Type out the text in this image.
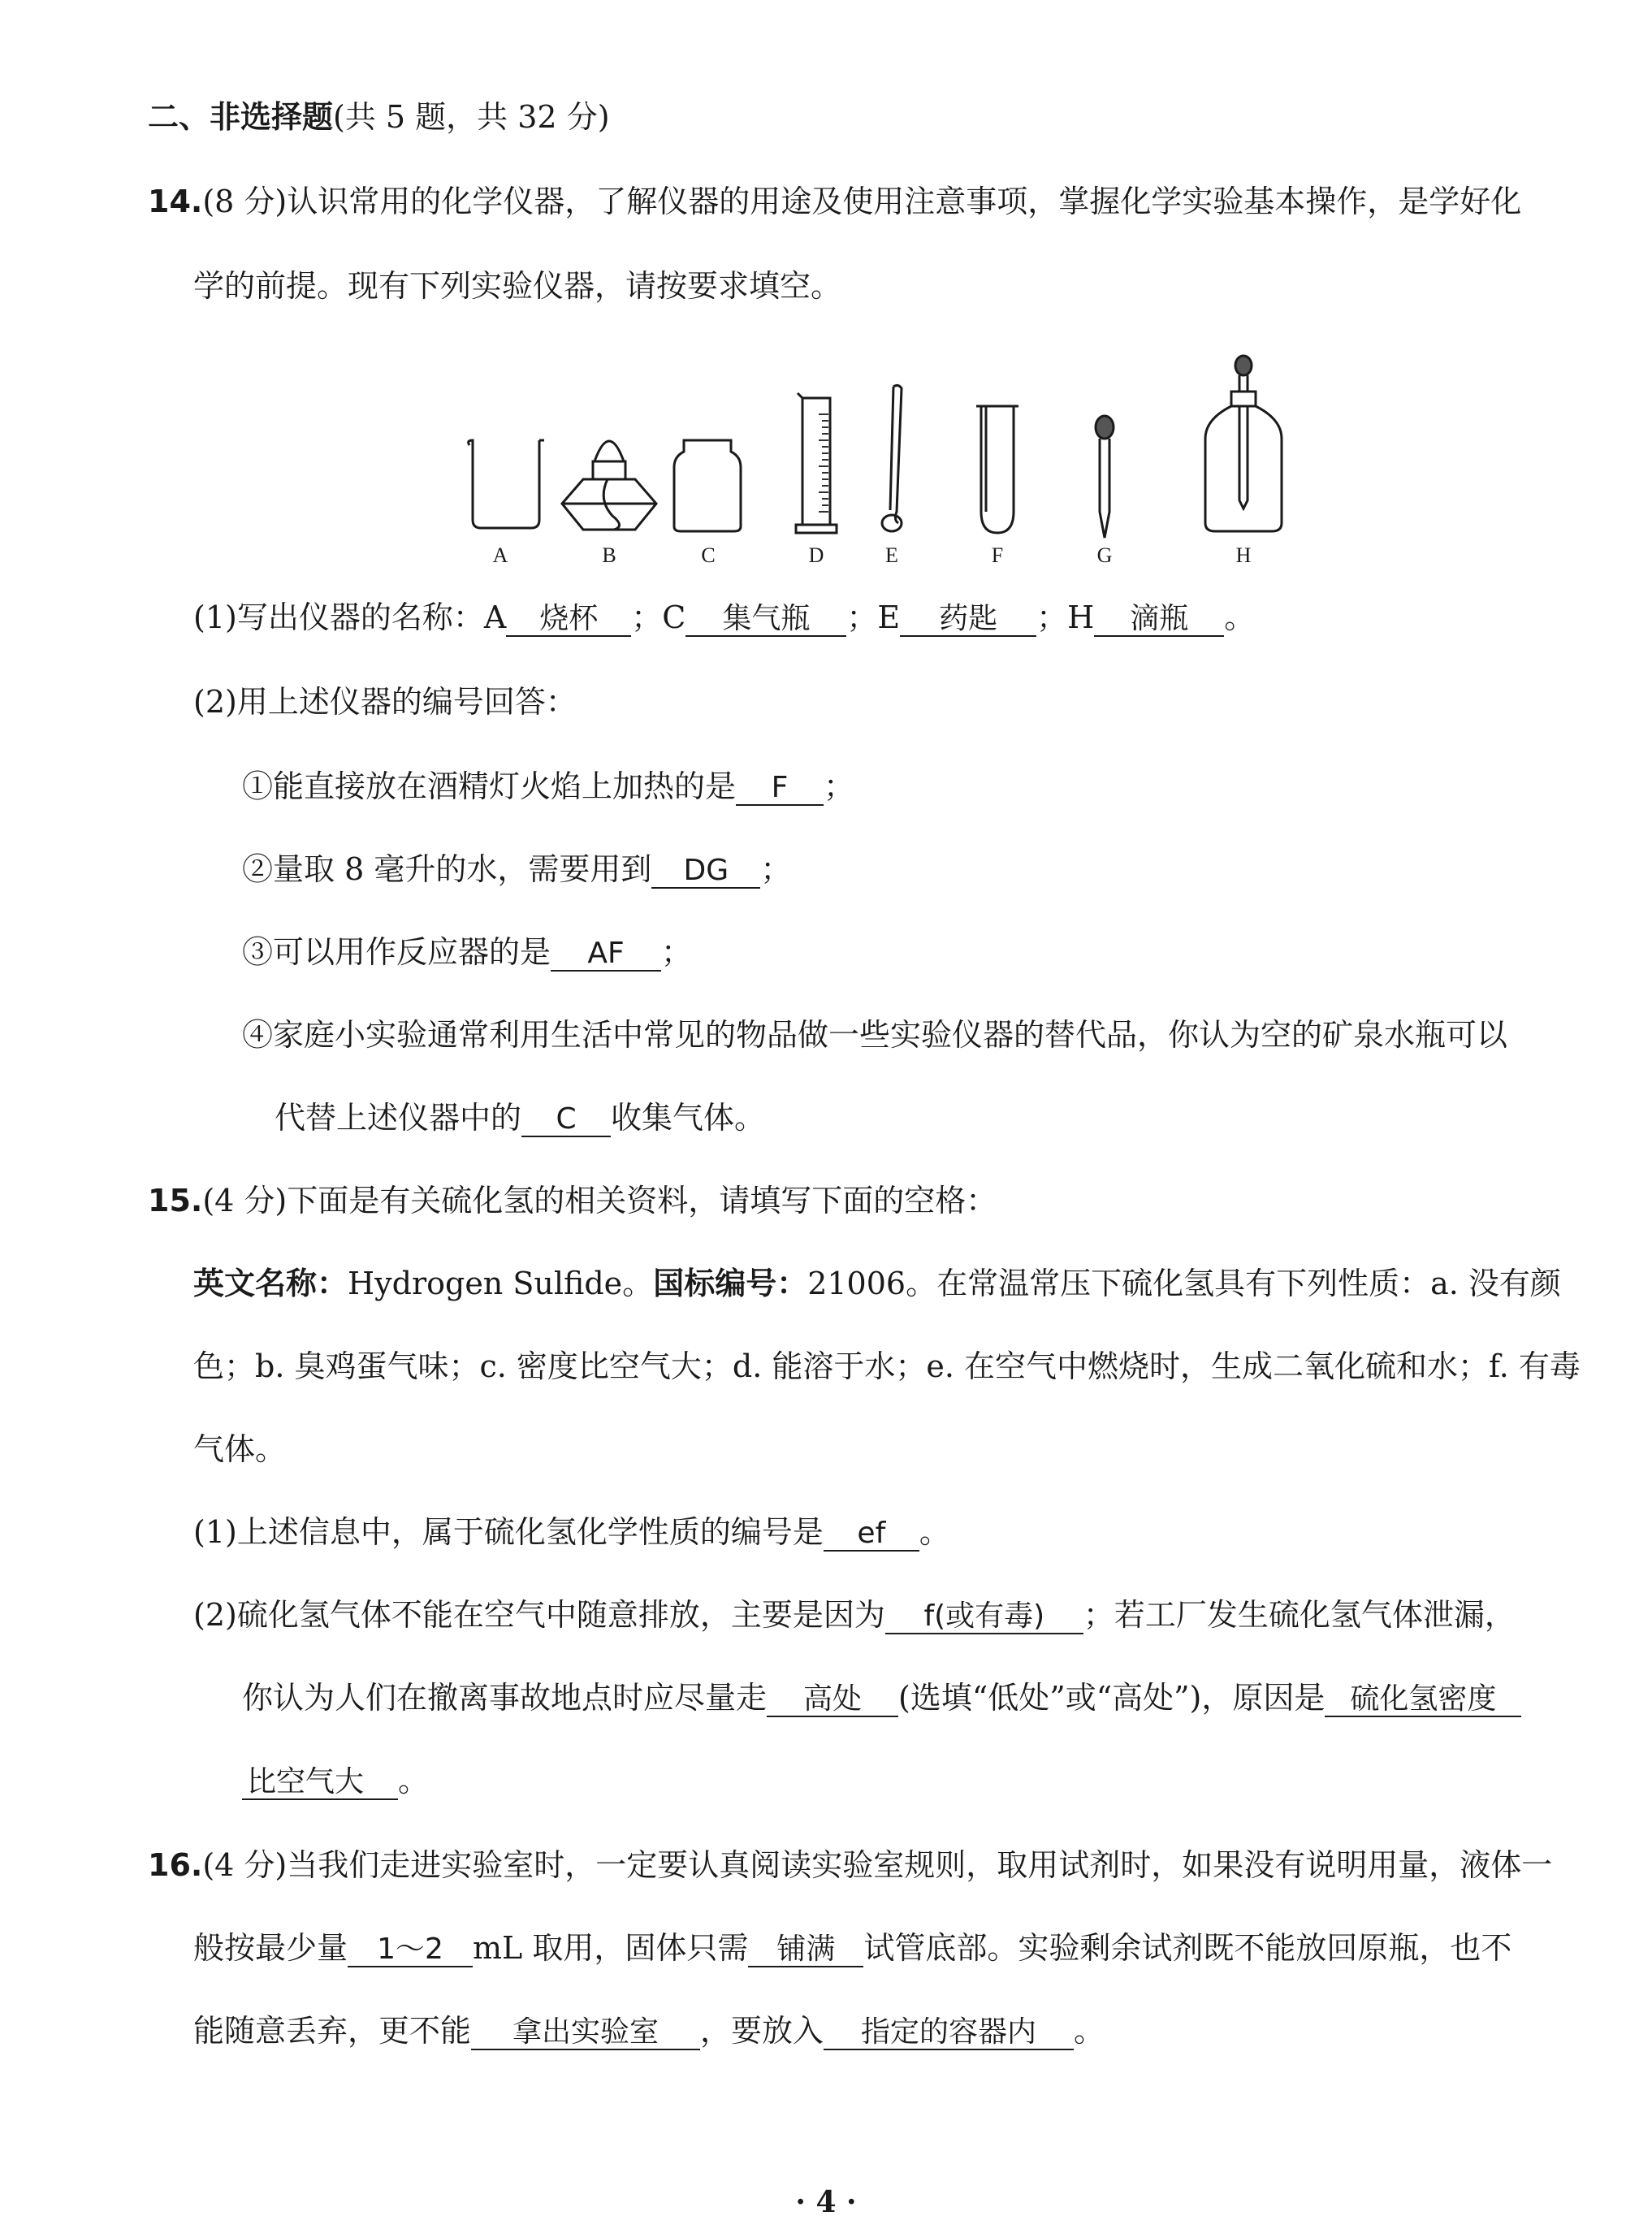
二、非选择题(共 5 题，共 32 分)
14.(8 分)认识常用的化学仪器，了解仪器的用途及使用注意事项，掌握化学实验基本操作，是学好化
学的前提。现有下列实验仪器，请按要求填空。
A	B	C	D	E	F	G	H
(1)写出仪器的名称：A 烧杯 ；C 集气瓶 ；E 药匙 ；H 滴瓶 。
(2)用上述仪器的编号回答：
①能直接放在酒精灯火焰上加热的是 F ；
②量取 8 毫升的水，需要用到 DG ；
③可以用作反应器的是 AF ；
④家庭小实验通常利用生活中常见的物品做一些实验仪器的替代品，你认为空的矿泉水瓶可以
代替上述仪器中的 C 收集气体。
15.(4 分)下面是有关硫化氢的相关资料，请填写下面的空格：
英文名称：Hydrogen Sulfide。国标编号：21006。在常温常压下硫化氢具有下列性质：a. 没有颜
色；b. 臭鸡蛋气味；c. 密度比空气大；d. 能溶于水；e. 在空气中燃烧时，生成二氧化硫和水；f. 有毒
气体。
(1)上述信息中，属于硫化氢化学性质的编号是 ef 。
(2)硫化氢气体不能在空气中随意排放，主要是因为 f(或有毒) ；若工厂发生硫化氢气体泄漏，
你认为人们在撤离事故地点时应尽量走 高处 (选填“低处”或“高处”)，原因是 硫化氢密度
比空气大 。
16.(4 分)当我们走进实验室时，一定要认真阅读实验室规则，取用试剂时，如果没有说明用量，液体一
般按最少量 1～2 mL 取用，固体只需 铺满 试管底部。实验剩余试剂既不能放回原瓶，也不
能随意丢弃，更不能 拿出实验室 ，要放入 指定的容器内 。
· 4 ·
